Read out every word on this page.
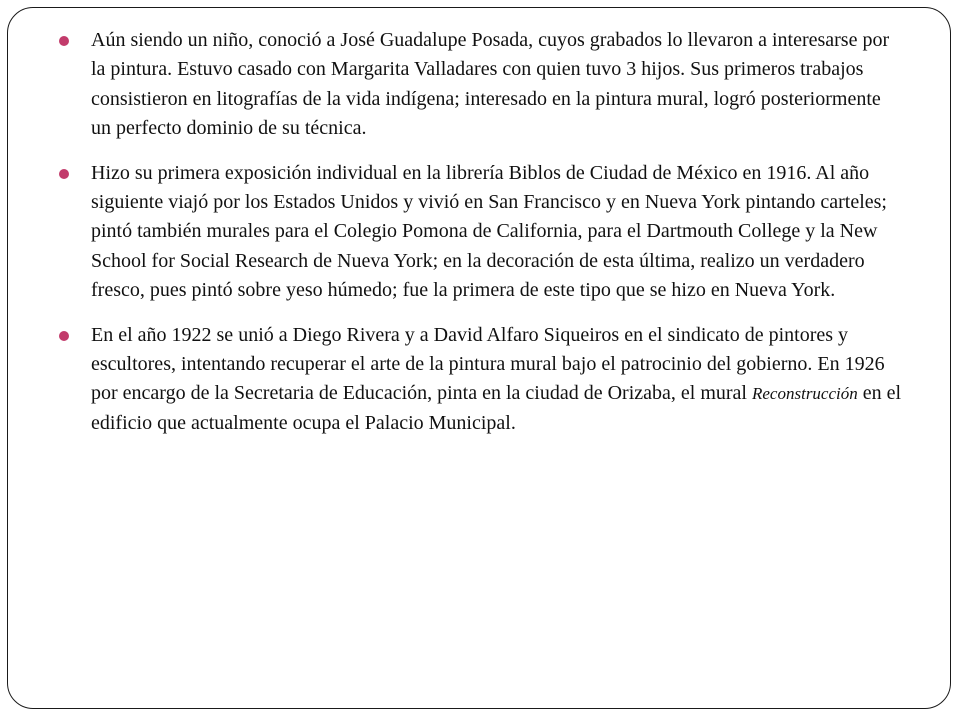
Aún siendo un niño, conoció a José Guadalupe Posada, cuyos grabados lo llevaron a interesarse por la pintura. Estuvo casado con Margarita Valladares con quien tuvo 3 hijos. Sus primeros trabajos consistieron en litografías de la vida indígena; interesado en la pintura mural, logró posteriormente un perfecto dominio de su técnica.
Hizo su primera exposición individual en la librería Biblos de Ciudad de México en 1916. Al año siguiente viajó por los Estados Unidos y vivió en San Francisco y en Nueva York pintando carteles; pintó también murales para el Colegio Pomona de California, para el Dartmouth College y la New School for Social Research de Nueva York; en la decoración de esta última, realizo un verdadero fresco, pues pintó sobre yeso húmedo; fue la primera de este tipo que se hizo en Nueva York.
En el año 1922 se unió a Diego Rivera y a David Alfaro Siqueiros en el sindicato de pintores y escultores, intentando recuperar el arte de la pintura mural bajo el patrocinio del gobierno. En 1926 por encargo de la Secretaria de Educación, pinta en la ciudad de Orizaba, el mural Reconstrucción en el edificio que actualmente ocupa el Palacio Municipal.
